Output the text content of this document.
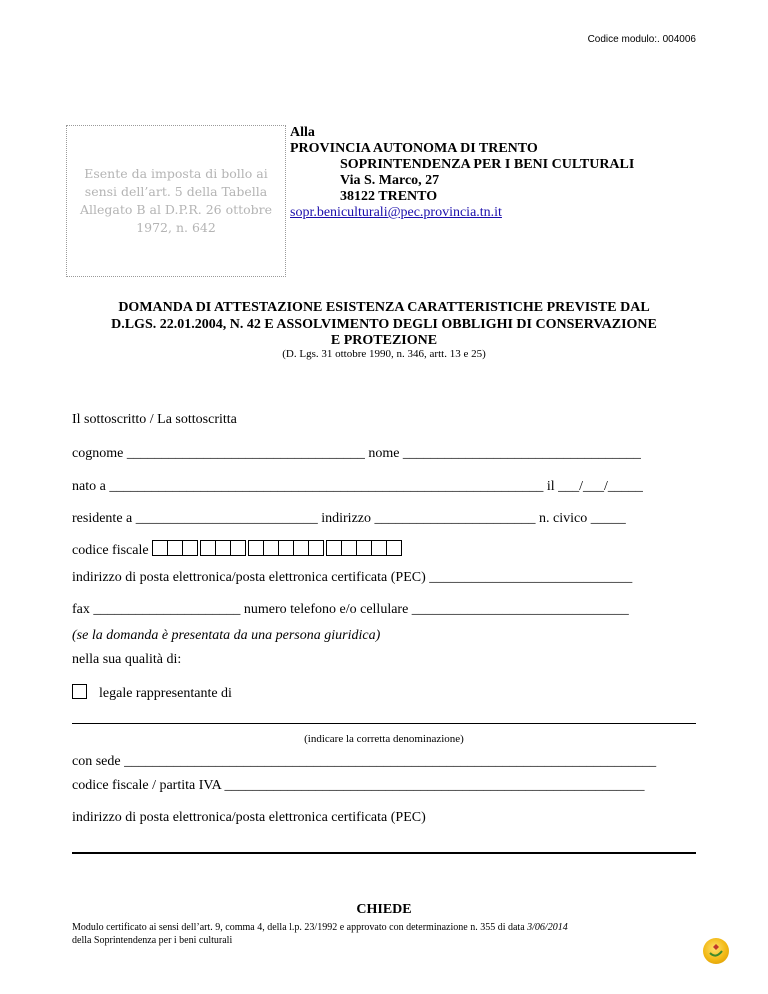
Codice modulo:. 004006
Esente da imposta di bollo ai sensi dell’art. 5 della Tabella Allegato B al D.P.R. 26 ottobre 1972, n. 642
Alla
PROVINCIA AUTONOMA DI TRENTO
SOPRINTENDENZA PER I BENI CULTURALI
Via S. Marco, 27
38122 TRENTO
sopr.beniculturali@pec.provincia.tn.it
DOMANDA DI ATTESTAZIONE ESISTENZA CARATTERISTICHE PREVISTE DAL
D.LGS. 22.01.2004, N. 42 E ASSOLVIMENTO DEGLI OBBLIGHI DI CONSERVAZIONE
E PROTEZIONE
(D. Lgs. 31 ottobre 1990, n. 346, artt. 13 e 25)
Il sottoscritto / La sottoscritta
cognome __________________________________ nome __________________________________
nato a ______________________________________________________________ il ___/___/_____
residente a __________________________ indirizzo _______________________ n. civico _____
codice fiscale
indirizzo di posta elettronica/posta elettronica certificata (PEC) _____________________________
fax _____________________ numero telefono e/o cellulare _______________________________
(se la domanda è presentata da una persona giuridica)
nella sua qualità di:
legale rappresentante di
(indicare la corretta denominazione)
con sede ____________________________________________________________________________
codice fiscale / partita IVA ____________________________________________________________
indirizzo di posta elettronica/posta elettronica certificata (PEC)
CHIEDE
Modulo certificato ai sensi dell’art. 9, comma 4, della l.p. 23/1992 e approvato con determinazione n. 355 di data 3/06/2014
della Soprintendenza per i beni culturali
